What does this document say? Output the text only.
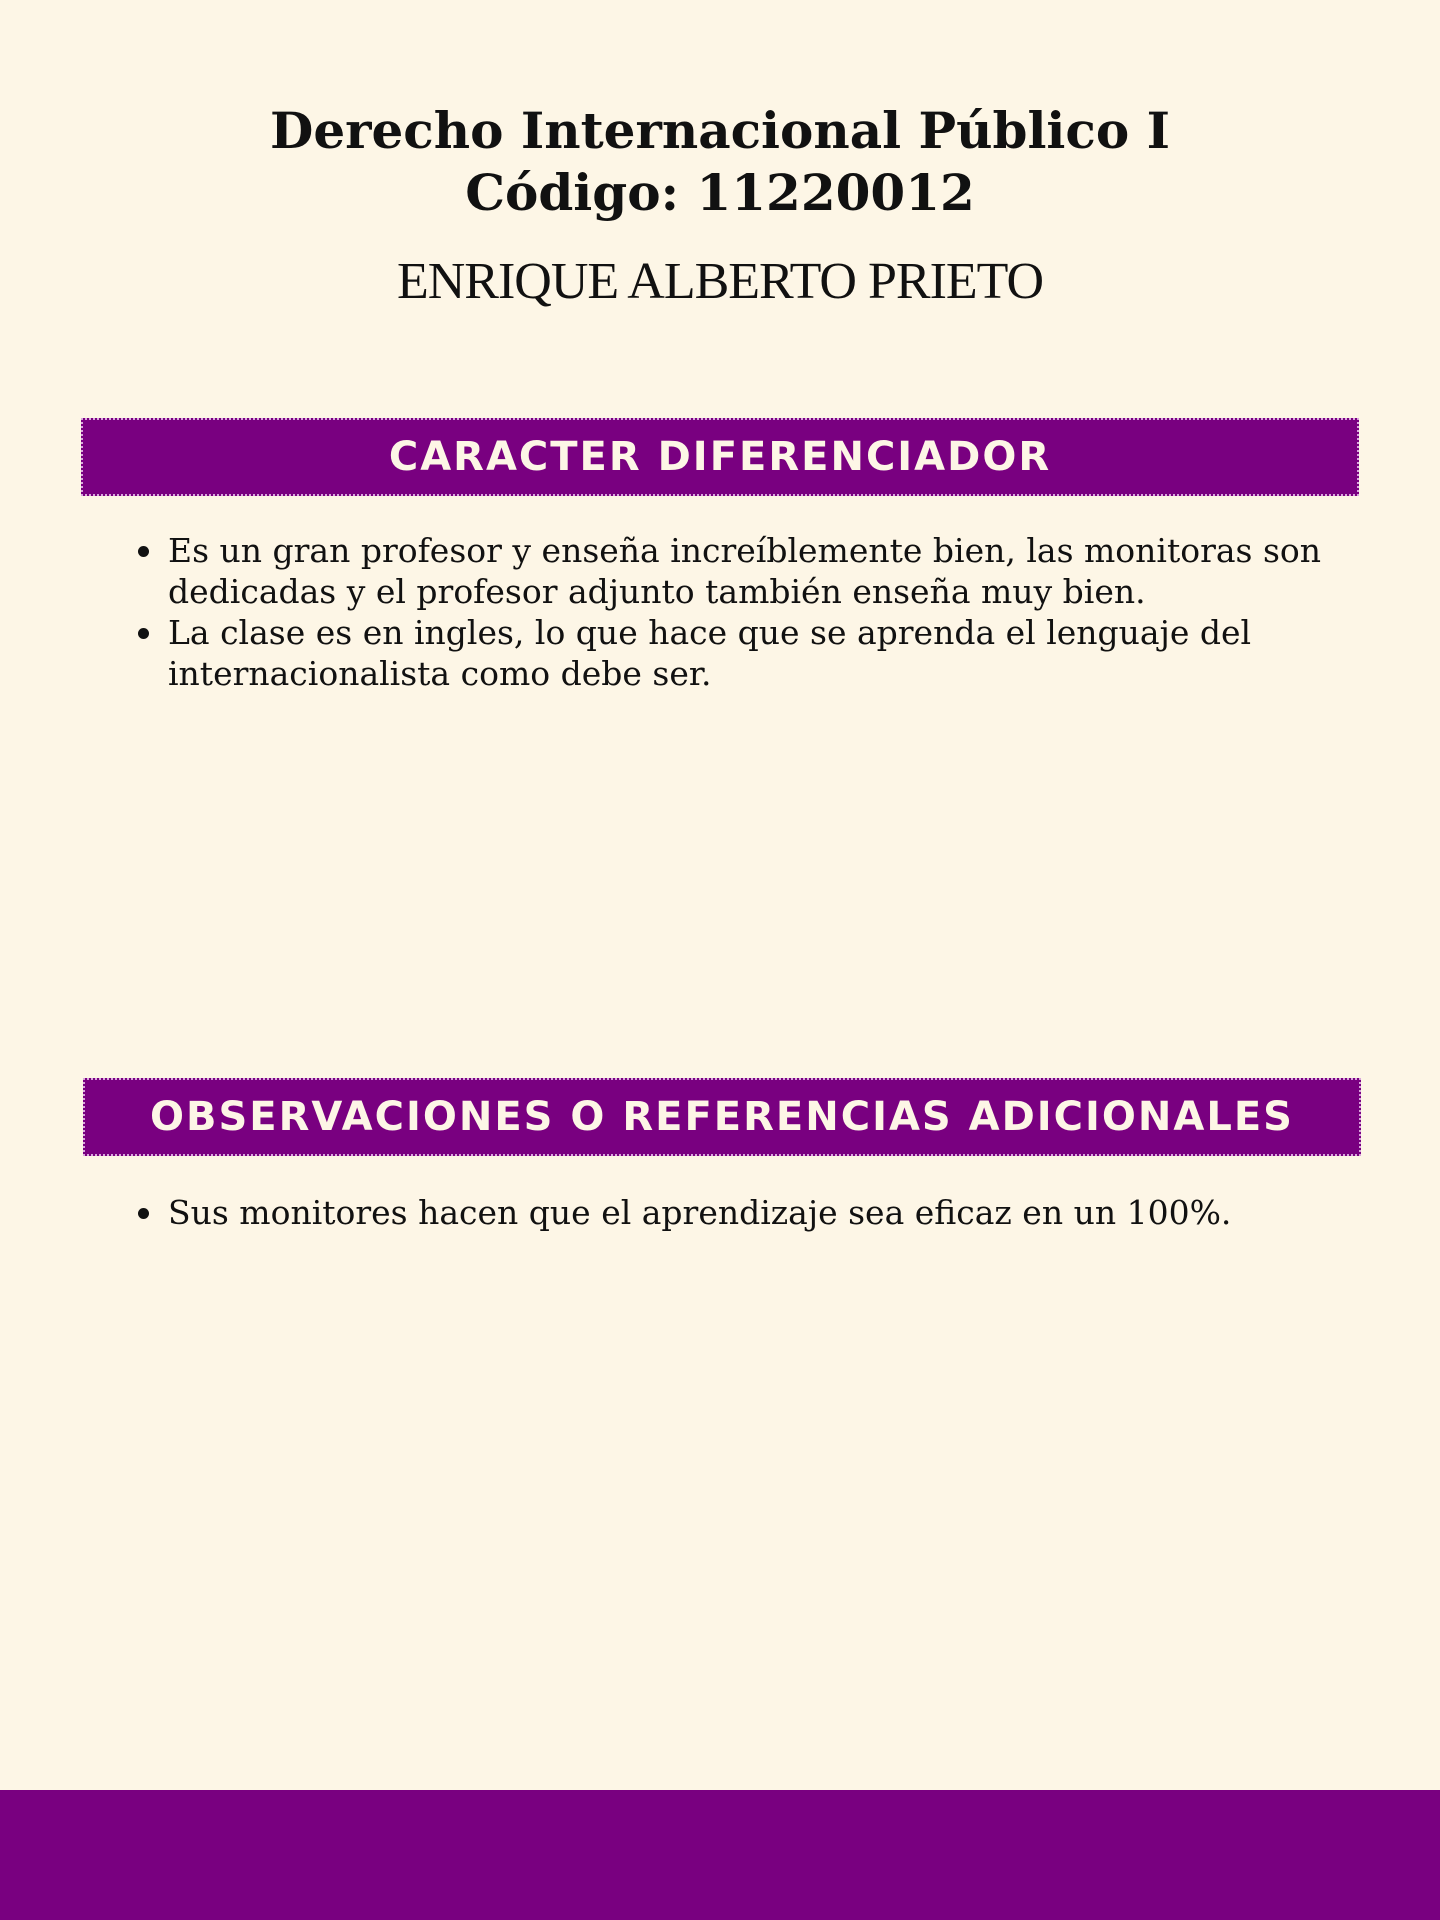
Derecho Internacional Público I
Código: 11220012

ENRIQUE ALBERTO PRIETO

CARACTER DIFERENCIADOR
Es un gran profesor y enseña increíblemente bien, las monitoras son dedicadas y el profesor adjunto también enseña muy bien.
La clase es en ingles, lo que hace que se aprenda el lenguaje del internacionalista como debe ser.
OBSERVACIONES O REFERENCIAS ADICIONALES
Sus monitores hacen que el aprendizaje sea eficaz en un 100%.
